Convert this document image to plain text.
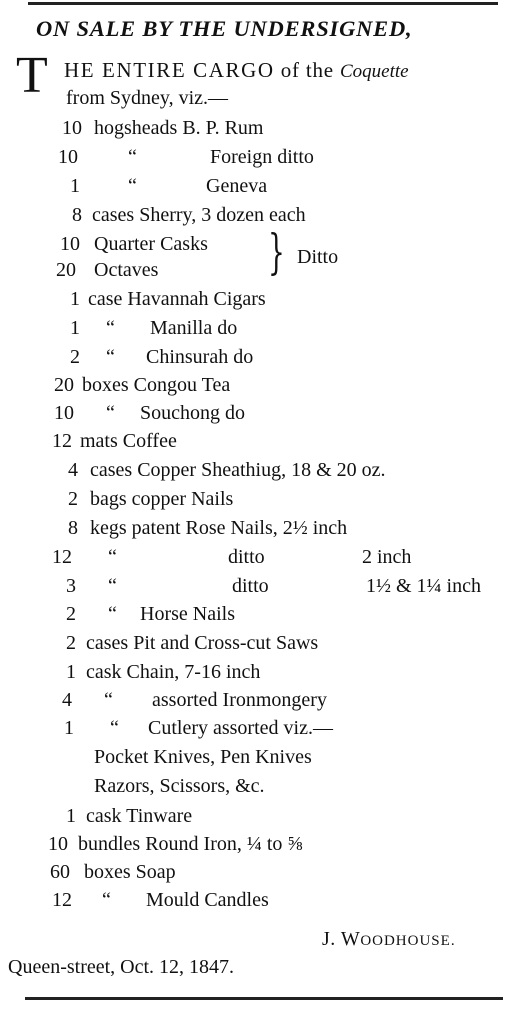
ON SALE BY THE UNDERSIGNED,
T HE ENTIRE CARGO of the Coquette
from Sydney, viz.—
10 hogsheads B. P. Rum
10	“	Foreign ditto
1 “	Geneva
8 cases Sherry, 3 dozen each
10 Quarter Casks
20 Octaves
1 case Havannah Cigars
1 “ Manilla do
2 “ Chinsurah do
20 boxes Congou Tea
10 “ Souchong do
12 mats Coffee
4 cases Copper Sheathiug, 18 & 20 oz.
2 bags copper Nails
8 kegs patent Rose Nails, 2½ inch
12 “	ditto	2 inch
3 “	ditto	1½ & 1¼ inch
2 “ Horse Nails
2 cases Pit and Cross-cut Saws
1 cask Chain, 7-16 inch
4 “ assorted Ironmongery
1 “ Cutlery assorted viz.—
Pocket Knives, Pen Knives
Razors, Scissors, &c.
1 cask Tinware
10 bundles Round Iron, ¼ to ⅝
60 boxes Soap
12 “ Mould Candles
} Ditto
J. WOODHOUSE.
Queen-street, Oct. 12, 1847.
